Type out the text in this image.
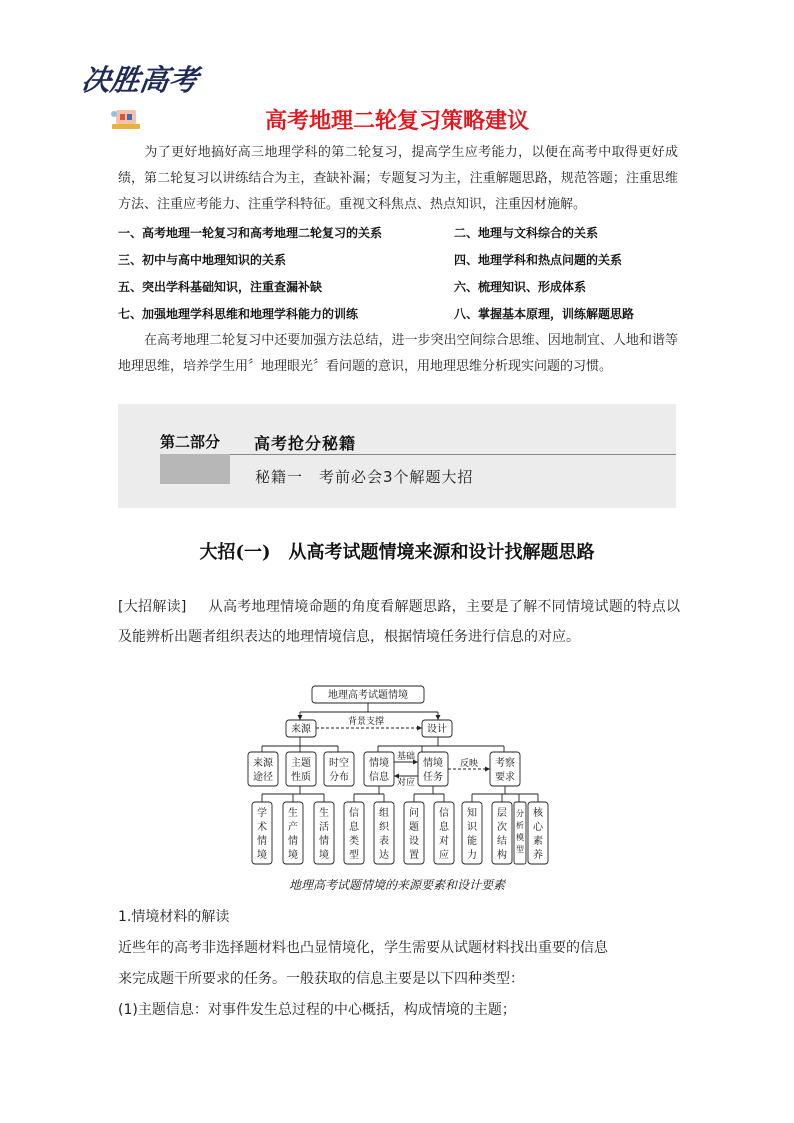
决胜高考
高考地理二轮复习策略建议
为了更好地搞好高三地理学科的第二轮复习，提高学生应考能力，以便在高考中取得更好成绩，第二轮复习以讲练结合为主，查缺补漏；专题复习为主，注重解题思路，规范答题；注重思维方法、注重应考能力、注重学科特征。重视文科焦点、热点知识，注重因材施解。
一、高考地理一轮复习和高考地理二轮复习的关系	二、地理与文科综合的关系
三、初中与高中地理知识的关系	四、地理学科和热点问题的关系
五、突出学科基础知识，注重查漏补缺	六、梳理知识、形成体系
七、加强地理学科思维和地理学科能力的训练	八、掌握基本原理，训练解题思路
在高考地理二轮复习中还要加强方法总结，进一步突出空间综合思维、因地制宜、人地和谐等地理思维，培养学生用〞地理眼光〞看问题的意识，用地理思维分析现实问题的习惯。
第二部分 高考抢分秘籍
秘籍一　考前必会3个解题大招
大招(一)　从高考试题情境来源和设计找解题思路
[大招解读] 从高考地理情境命题的角度看解题思路，主要是了解不同情境试题的特点以及能辨析出题者组织表达的地理情境信息，根据情境任务进行信息的对应。
地理高考试题情境
来源	设计
背景支撑
基础
对应
反映
来源途径
主题性质
时空分布
情境信息
情境任务
考察要求
学术情境
生产情境
生活情境
信息类型
组织表达
问题设置
信息对应
知识能力
层次结构
分析模型
核心素养
地理高考试题情境的来源要素和设计要素
1.情境材料的解读
近些年的高考非选择题材料也凸显情境化，学生需要从试题材料找出重要的信息
来完成题干所要求的任务。一般获取的信息主要是以下四种类型：
(1)主题信息：对事件发生总过程的中心概括，构成情境的主题；
